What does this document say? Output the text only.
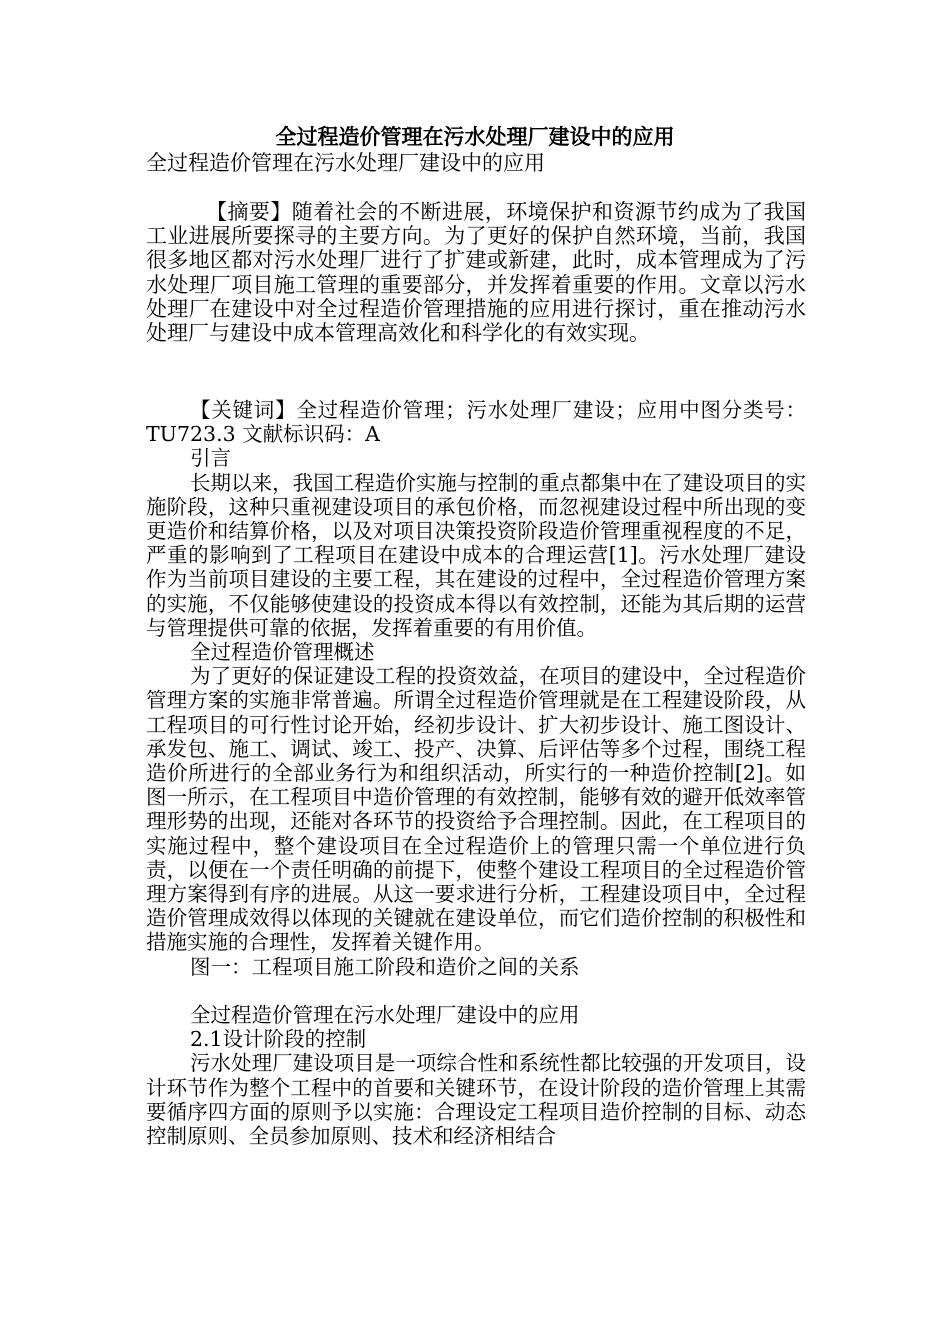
全过程造价管理在污水处理厂建设中的应用
全过程造价管理在污水处理厂建设中的应用

【摘要】随着社会的不断进展，环境保护和资源节约成为了我国工业进展所要探寻的主要方向。为了更好的保护自然环境，当前，我国很多地区都对污水处理厂进行了扩建或新建，此时，成本管理成为了污水处理厂项目施工管理的重要部分，并发挥着重要的作用。文章以污水处理厂在建设中对全过程造价管理措施的应用进行探讨，重在推动污水处理厂与建设中成本管理高效化和科学化的有效实现。

【关键词】全过程造价管理；污水处理厂建设；应用中图分类号：TU723.3 文献标识码：A

引言

长期以来，我国工程造价实施与控制的重点都集中在了建设项目的实施阶段，这种只重视建设项目的承包价格，而忽视建设过程中所出现的变更造价和结算价格，以及对项目决策投资阶段造价管理重视程度的不足，严重的影响到了工程项目在建设中成本的合理运营[1]。污水处理厂建设作为当前项目建设的主要工程，其在建设的过程中，全过程造价管理方案的实施，不仅能够使建设的投资成本得以有效控制，还能为其后期的运营与管理提供可靠的依据，发挥着重要的有用价值。

全过程造价管理概述

为了更好的保证建设工程的投资效益，在项目的建设中，全过程造价管理方案的实施非常普遍。所谓全过程造价管理就是在工程建设阶段，从工程项目的可行性讨论开始，经初步设计、扩大初步设计、施工图设计、承发包、施工、调试、竣工、投产、决算、后评估等多个过程，围绕工程造价所进行的全部业务行为和组织活动，所实行的一种造价控制[2]。如图一所示，在工程项目中造价管理的有效控制，能够有效的避开低效率管理形势的出现，还能对各环节的投资给予合理控制。因此，在工程项目的实施过程中，整个建设项目在全过程造价上的管理只需一个单位进行负责，以便在一个责任明确的前提下，使整个建设工程项目的全过程造价管理方案得到有序的进展。从这一要求进行分析，工程建设项目中，全过程造价管理成效得以体现的关键就在建设单位，而它们造价控制的积极性和措施实施的合理性，发挥着关键作用。

图一：工程项目施工阶段和造价之间的关系

全过程造价管理在污水处理厂建设中的应用

2.1设计阶段的控制

污水处理厂建设项目是一项综合性和系统性都比较强的开发项目，设计环节作为整个工程中的首要和关键环节，在设计阶段的造价管理上其需要循序四方面的原则予以实施：合理设定工程项目造价控制的目标、动态控制原则、全员参加原则、技术和经济相结合
